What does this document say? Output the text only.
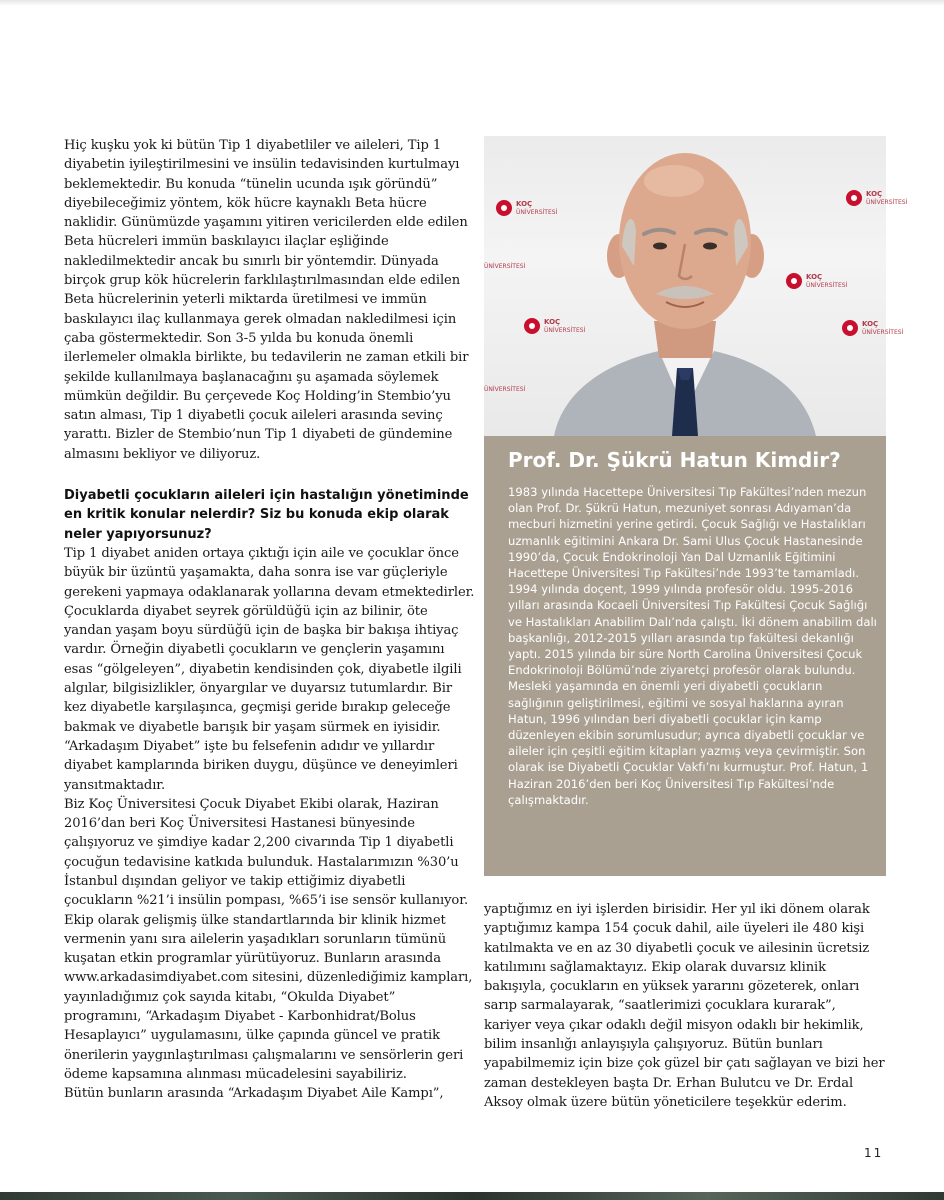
Hiç kuşku yok ki bütün Tip 1 diyabetliler ve aileleri, Tip 1 diyabetin iyileştirilmesini ve insülin tedavisinden kurtulmayı beklemektedir. Bu konuda “tünelin ucunda ışık göründü” diyebileceğimiz yöntem, kök hücre kaynaklı Beta hücre naklidir. Günümüzde yaşamını yitiren vericilerden elde edilen Beta hücreleri immün baskılayıcı ilaçlar eşliğinde nakledilmektedir ancak bu sınırlı bir yöntemdir. Dünyada birçok grup kök hücrelerin farklılaştırılmasından elde edilen Beta hücrelerinin yeterli miktarda üretilmesi ve immün baskılayıcı ilaç kullanmaya gerek olmadan nakledilmesi için çaba göstermektedir. Son 3-5 yılda bu konuda önemli ilerlemeler olmakla birlikte, bu tedavilerin ne zaman etkili bir şekilde kullanılmaya başlanacağını şu aşamada söylemek mümkün değildir. Bu çerçevede Koç Holding’in Stembio’yu satın alması, Tip 1 diyabetli çocuk aileleri arasında sevinç yarattı. Bizler de Stembio’nun Tip 1 diyabeti de gündemine almasını bekliyor ve diliyoruz.

Diyabetli çocukların aileleri için hastalığın yönetiminde en kritik konular nelerdir? Siz bu konuda ekip olarak neler yapıyorsunuz?

Tip 1 diyabet aniden ortaya çıktığı için aile ve çocuklar önce büyük bir üzüntü yaşamakta, daha sonra ise var güçleriyle gerekeni yapmaya odaklanarak yollarına devam etmektedirler. Çocuklarda diyabet seyrek görüldüğü için az bilinir, öte yandan yaşam boyu sürdüğü için de başka bir bakışa ihtiyaç vardır. Örneğin diyabetli çocukların ve gençlerin yaşamını esas “gölgeleyen”, diyabetin kendisinden çok, diyabetle ilgili algılar, bilgisizlikler, önyargılar ve duyarsız tutumlardır. Bir kez diyabetle karşılaşınca, geçmişi geride bırakıp geleceğe bakmak ve diyabetle barışık bir yaşam sürmek en iyisidir. “Arkadaşım Diyabet” işte bu felsefenin adıdır ve yıllardır diyabet kamplarında biriken duygu, düşünce ve deneyimleri yansıtmaktadır.

Biz Koç Üniversitesi Çocuk Diyabet Ekibi olarak, Haziran 2016’dan beri Koç Üniversitesi Hastanesi bünyesinde çalışıyoruz ve şimdiye kadar 2,200 civarında Tip 1 diyabetli çocuğun tedavisine katkıda bulunduk. Hastalarımızın %30’u İstanbul dışından geliyor ve takip ettiğimiz diyabetli çocukların %21’i insülin pompası, %65’i ise sensör kullanıyor.

Ekip olarak gelişmiş ülke standartlarında bir klinik hizmet vermenin yanı sıra ailelerin yaşadıkları sorunların tümünü kuşatan etkin programlar yürütüyoruz. Bunların arasında www.arkadasimdiyabet.com sitesini, düzenlediğimiz kampları, yayınladığımız çok sayıda kitabı, “Okulda Diyabet” programını, “Arkadaşım Diyabet - Karbonhidrat/Bolus Hesaplayıcı” uygulamasını, ülke çapında güncel ve pratik önerilerin yaygınlaştırılması çalışmalarını ve sensörlerin geri ödeme kapsamına alınması mücadelesini sayabiliriz.

Bütün bunların arasında “Arkadaşım Diyabet Aile Kampı”,

KOÇ
ÜNİVERSİTESİ
KOÇ
ÜNİVERSİTESİ
KOÇ
ÜNİVERSİTESİ
KOÇ
ÜNİVERSİTESİ
KOÇ
ÜNİVERSİTESİ
ÜNİVERSİTESİ
ÜNİVERSİTESİ
Prof. Dr. Şükrü Hatun Kimdir?

1983 yılında Hacettepe Üniversitesi Tıp Fakültesi’nden mezun olan Prof. Dr. Şükrü Hatun, mezuniyet sonrası Adıyaman’da mecburi hizmetini yerine getirdi. Çocuk Sağlığı ve Hastalıkları uzmanlık eğitimini Ankara Dr. Sami Ulus Çocuk Hastanesinde 1990’da, Çocuk Endokrinoloji Yan Dal Uzmanlık Eğitimini Hacettepe Üniversitesi Tıp Fakültesi’nde 1993’te tamamladı. 1994 yılında doçent, 1999 yılında profesör oldu. 1995-2016 yılları arasında Kocaeli Üniversitesi Tıp Fakültesi Çocuk Sağlığı ve Hastalıkları Anabilim Dalı’nda çalıştı. İki dönem anabilim dalı başkanlığı, 2012-2015 yılları arasında tıp fakültesi dekanlığı yaptı. 2015 yılında bir süre North Carolina Üniversitesi Çocuk Endokrinoloji Bölümü’nde ziyaretçi profesör olarak bulundu. Mesleki yaşamında en önemli yeri diyabetli çocukların sağlığının geliştirilmesi, eğitimi ve sosyal haklarına ayıran Hatun, 1996 yılından beri diyabetli çocuklar için kamp düzenleyen ekibin sorumlusudur; ayrıca diyabetli çocuklar ve aileler için çeşitli eğitim kitapları yazmış veya çevirmiştir. Son olarak ise Diyabetli Çocuklar Vakfı’nı kurmuştur. Prof. Hatun, 1 Haziran 2016’den beri Koç Üniversitesi Tıp Fakültesi’nde çalışmaktadır.

yaptığımız en iyi işlerden birisidir. Her yıl iki dönem olarak yaptığımız kampa 154 çocuk dahil, aile üyeleri ile 480 kişi katılmakta ve en az 30 diyabetli çocuk ve ailesinin ücretsiz katılımını sağlamaktayız. Ekip olarak duvarsız klinik bakışıyla, çocukların en yüksek yararını gözeterek, onları sarıp sarmalayarak, “saatlerimizi çocuklara kurarak”, kariyer veya çıkar odaklı değil misyon odaklı bir hekimlik, bilim insanlığı anlayışıyla çalışıyoruz. Bütün bunları yapabilmemiz için bize çok güzel bir çatı sağlayan ve bizi her zaman destekleyen başta Dr. Erhan Bulutcu ve Dr. Erdal Aksoy olmak üzere bütün yöneticilere teşekkür ederim.

11
